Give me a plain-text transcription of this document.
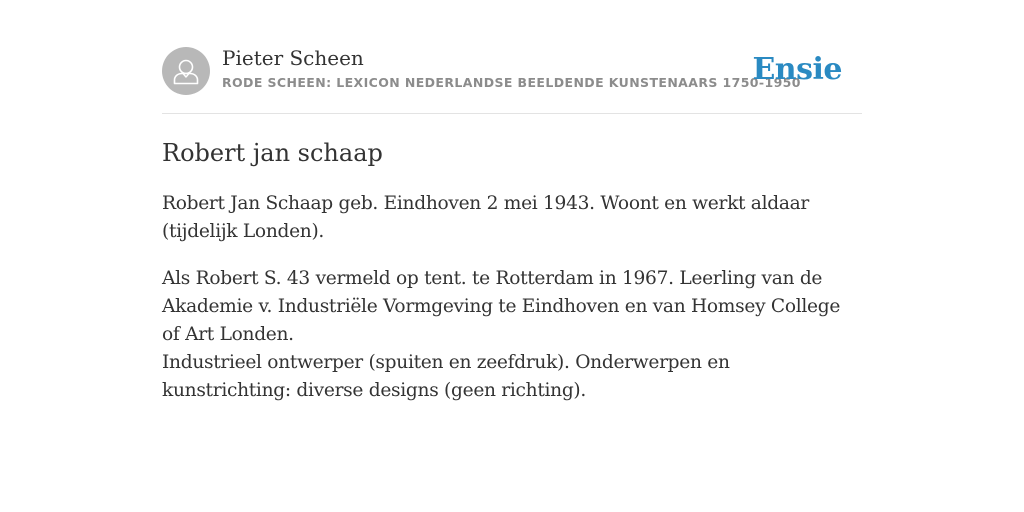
Pieter Scheen
RODE SCHEEN: LEXICON NEDERLANDSE BEELDENDE KUNSTENAARS 1750-1950
Ensie
Robert jan schaap

Robert Jan Schaap geb. Eindhoven 2 mei 1943. Woont en werkt aldaar (tijdelijk Londen).

Als Robert S. 43 vermeld op tent. te Rotterdam in 1967. Leerling van de Akademie v. Industriële Vormgeving te Eindhoven en van Homsey College of Art Londen.

Industrieel ontwerper (spuiten en zeefdruk). Onderwerpen en kunstrichting: diverse designs (geen richting).
